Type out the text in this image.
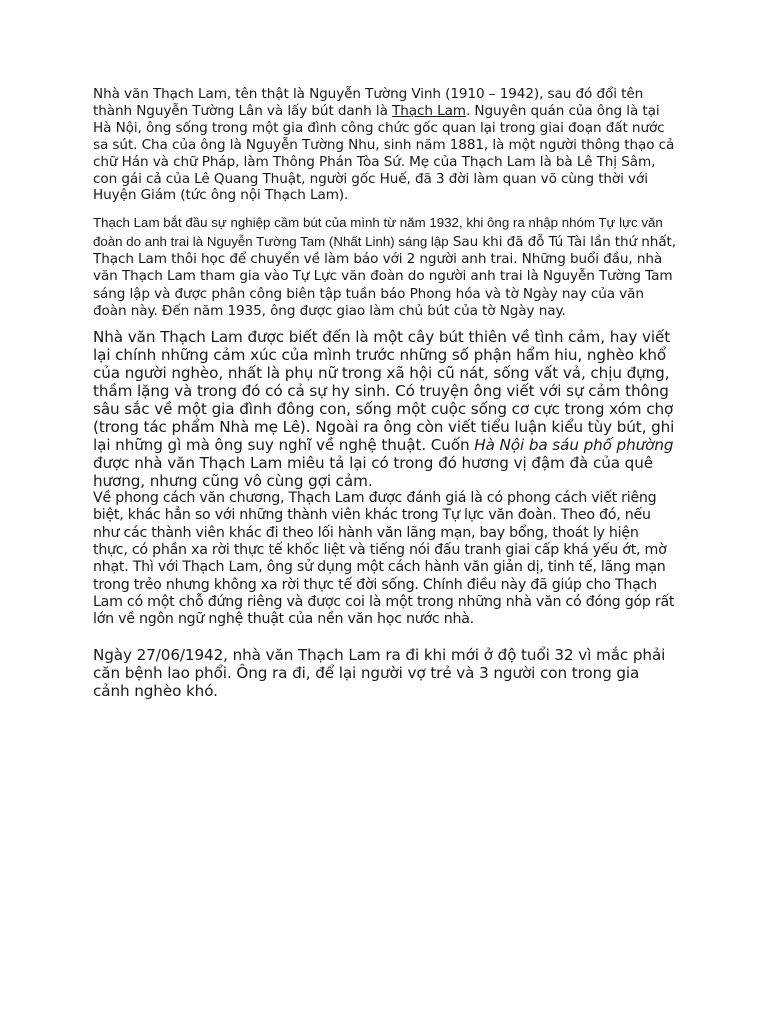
Nhà văn Thạch Lam, tên thật là Nguyễn Tường Vinh (1910 – 1942), sau đó đổi tên thành Nguyễn Tường Lân và lấy bút danh là Thạch Lam. Nguyên quán của ông là tại Hà Nội, ông sống trong một gia đình công chức gốc quan lại trong giai đoạn đất nước sa sút. Cha của ông là Nguyễn Tường Nhu, sinh năm 1881, là một người thông thạo cả chữ Hán và chữ Pháp, làm Thông Phán Tòa Sứ. Mẹ của Thạch Lam là bà Lê Thị Sâm, con gái cả của Lê Quang Thuật, người gốc Huế, đã 3 đời làm quan võ cùng thời với Huyện Giám (tức ông nội Thạch Lam).

Thạch Lam bắt đầu sự nghiệp cầm bút của mình từ năm 1932, khi ông ra nhập nhóm Tự lực văn đoàn do anh trai là Nguyễn Tường Tam (Nhất Linh) sáng lập Sau khi đã đỗ Tú Tài lần thứ nhất, Thạch Lam thôi học để chuyển về làm báo với 2 người anh trai. Những buổi đầu, nhà văn Thạch Lam tham gia vào Tự Lực văn đoàn do người anh trai là Nguyễn Tường Tam sáng lập và được phân công biên tập tuần báo Phong hóa và tờ Ngày nay của văn đoàn này. Đến năm 1935, ông được giao làm chủ bút của tờ Ngày nay.

Nhà văn Thạch Lam được biết đến là một cây bút thiên về tình cảm, hay viết lại chính những cảm xúc của mình trước những số phận hẩm hiu, nghèo khổ của người nghèo, nhất là phụ nữ trong xã hội cũ nát, sống vất vả, chịu đựng, thầm lặng và trong đó có cả sự hy sinh. Có truyện ông viết với sự cảm thông sâu sắc về một gia đình đông con, sống một cuộc sống cơ cực trong xóm chợ (trong tác phẩm Nhà mẹ Lê). Ngoài ra ông còn viết tiểu luận kiểu tùy bút, ghi lại những gì mà ông suy nghĩ về nghệ thuật. Cuốn Hà Nội ba sáu phố phường được nhà văn Thạch Lam miêu tả lại có trong đó hương vị đậm đà của quê hương, nhưng cũng vô cùng gợi cảm.

Về phong cách văn chương, Thạch Lam được đánh giá là có phong cách viết riêng biệt, khác hẳn so với những thành viên khác trong Tự lực văn đoàn. Theo đó, nếu như các thành viên khác đi theo lối hành văn lãng mạn, bay bổng, thoát ly hiện thực, có phần xa rời thực tế khốc liệt và tiếng nói đấu tranh giai cấp khá yếu ớt, mờ nhạt. Thì với Thạch Lam, ông sử dụng một cách hành văn giản dị, tinh tế, lãng mạn trong trẻo nhưng không xa rời thực tế đời sống. Chính điều này đã giúp cho Thạch Lam có một chỗ đứng riêng và được coi là một trong những nhà văn có đóng góp rất lớn về ngôn ngữ nghệ thuật của nền văn học nước nhà.

Ngày 27/06/1942, nhà văn Thạch Lam ra đi khi mới ở độ tuổi 32 vì mắc phải căn bệnh lao phổi. Ông ra đi, để lại người vợ trẻ và 3 người con trong gia cảnh nghèo khó.
